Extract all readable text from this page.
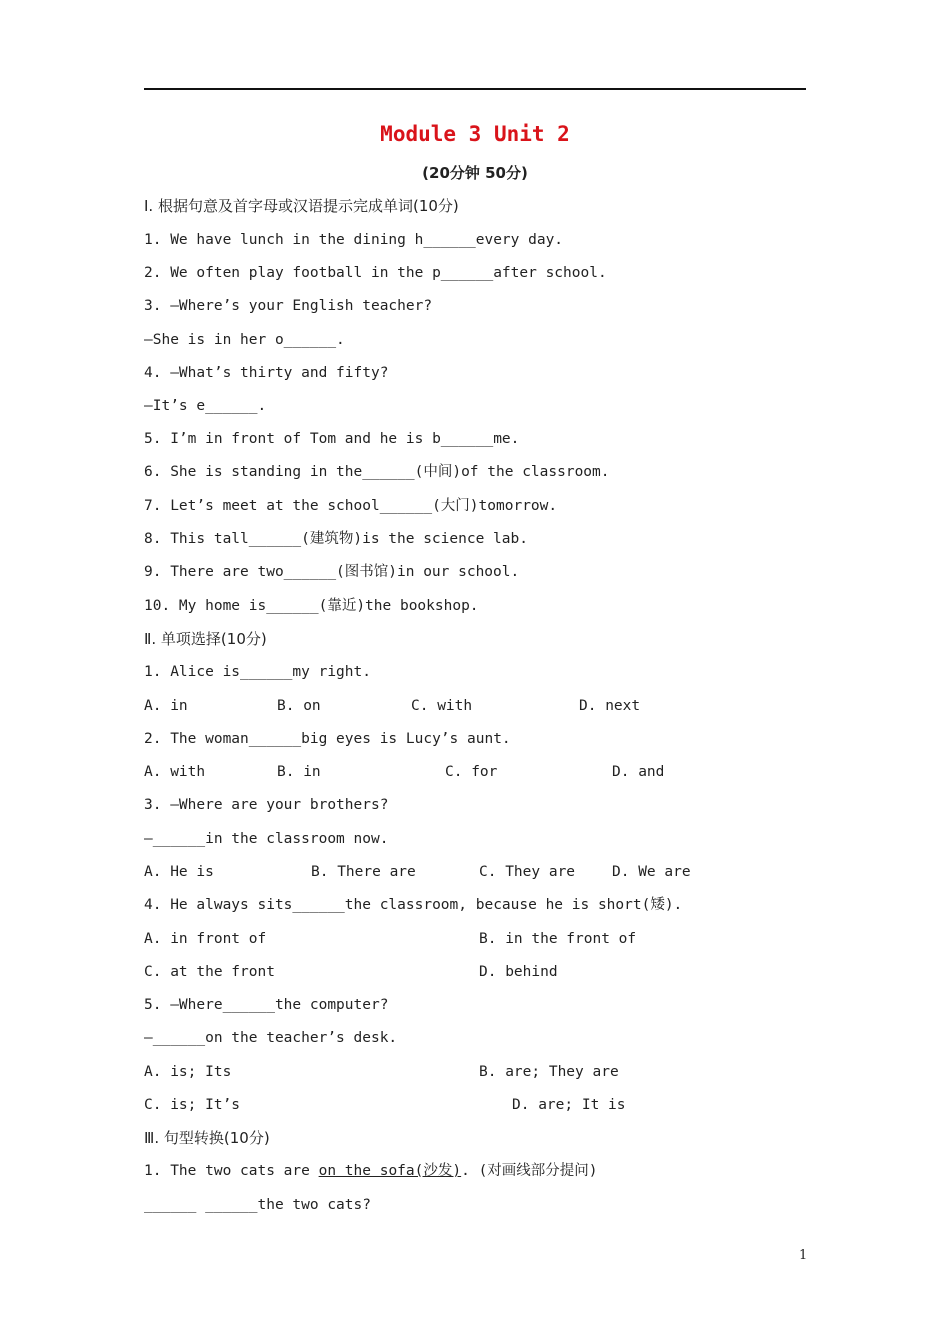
Module 3 Unit 2
(20分钟 50分)
Ⅰ. 根据句意及首字母或汉语提示完成单词(10分)
1. We have lunch in the dining h______every day.
2. We often play football in the p______after school.
3. —Where’s your English teacher?
—She is in her o______.
4. —What’s thirty and fifty?
—It’s e______.
5. I’m in front of Tom and he is b______me.
6. She is standing in the______(中间)of the classroom.
7. Let’s meet at the school______(大门)tomorrow.
8. This tall______(建筑物)is the science lab.
9. There are two______(图书馆)in our school.
10. My home is______(靠近)the bookshop.
Ⅱ. 单项选择(10分)
1. Alice is______my right.
A. in	B. on	C. with	D. next
2. The woman______big eyes is Lucy’s aunt.
A. with	B. in	C. for	D. and
3. —Where are your brothers?
—______in the classroom now.
A. He is	B. There are	C. They are	D. We are
4. He always sits______the classroom, because he is short(矮).
A. in front of	B. in the front of
C. at the front	D. behind
5. —Where______the computer?
—______on the teacher’s desk.
A. is; Its	B. are; They are
C. is; It’s	D. are; It is
Ⅲ. 句型转换(10分)
1. The two cats are on the sofa(沙发). (对画线部分提问)
______ ______the two cats?
1
